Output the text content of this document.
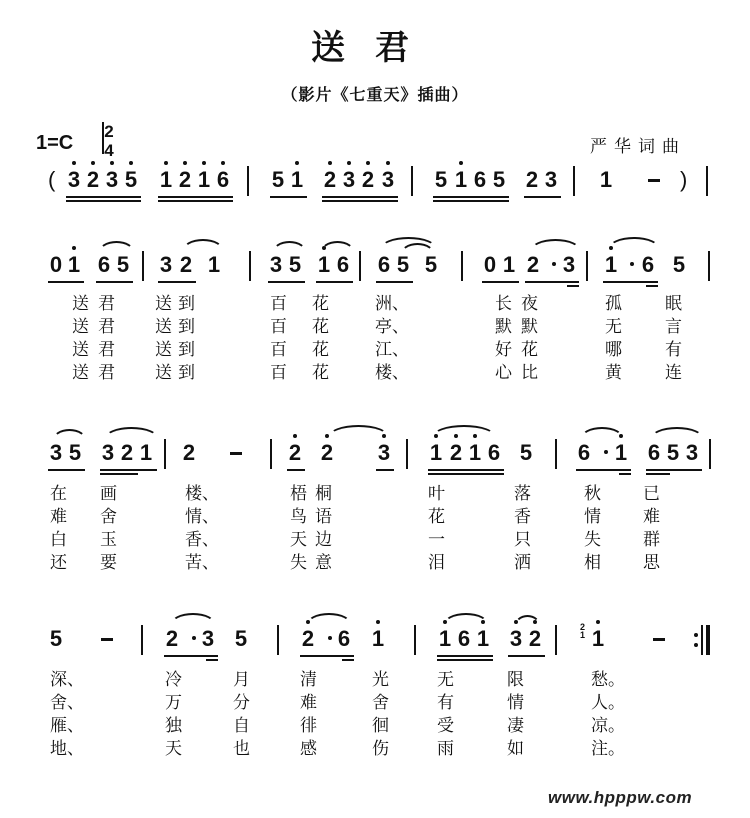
送君
（影片《七重天》插曲）
1=C
2
4	严华词曲
( 3 2 3 5 1 2 1 6 5 1 2 3 2 3 5 1 6 5 2 3 1	)
0 1 6 5 3 2 1 3 5 1 6 6 5 5 0 1 2 3 1 6 5
送 君 送 到	百 花	洲、	长 夜	孤	眠
送 君 送 到	百 花	亭、	默 默	无	言
送 君 送 到	百 花	江、	好 花	哪	有
送 君 送 到	百 花	楼、	心 比	黄	连
3 5 3 2 1 2	2 2 3 1 2 1 6 5 6 1 6 5 3
在 画	楼、	梧 桐	叶	落	秋 已
难 舍	情、	鸟 语	花	香	情 难
白 玉	香、	天 边	一	只	失 群
还 要	苦、	失 意	泪	洒	相 思
5	2 3 5 2 6 1 1 6 1 3 2	2
1 1
深、	冷	月	清	光	无	限	愁。
舍、	万	分	难	舍	有	情	人。
雁、	独	自	徘	徊	受	凄	凉。
地、	天	也	感	伤	雨	如	注。
www.hpppw.com
